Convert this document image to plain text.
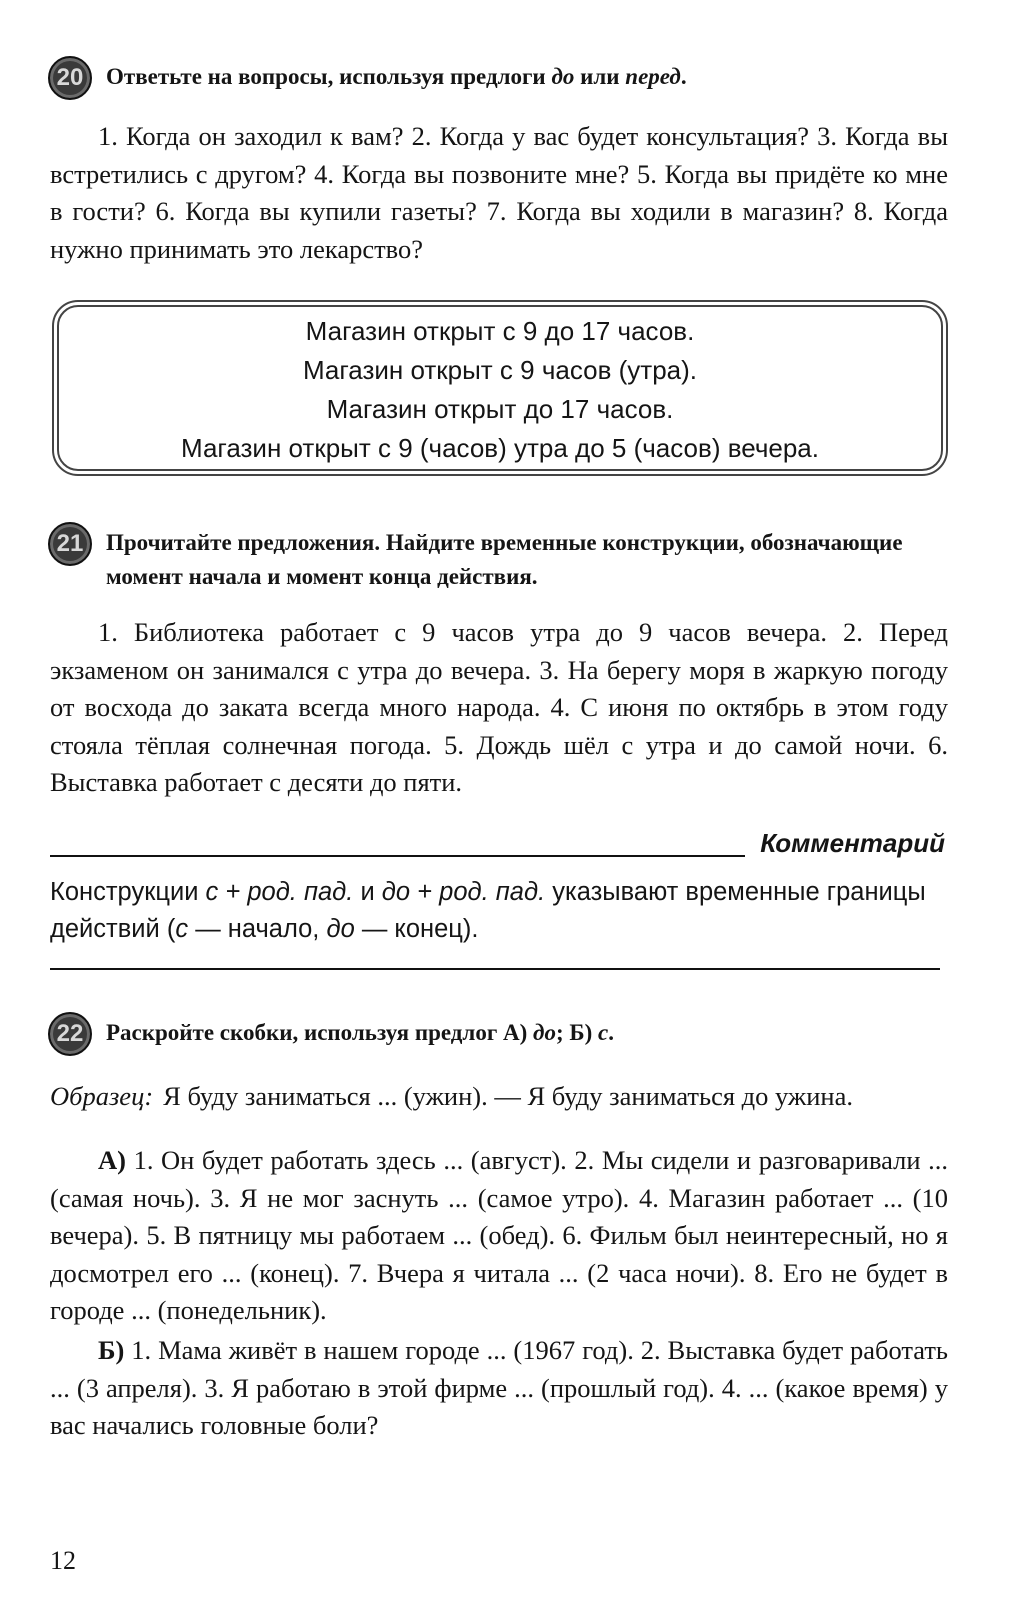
20 Ответьте на вопросы, используя предлоги до или перед.
1. Когда он заходил к вам? 2. Когда у вас будет консультация? 3. Когда вы встретились с другом? 4. Когда вы позвоните мне? 5. Когда вы придёте ко мне в гости? 6. Когда вы купили газеты? 7. Когда вы ходили в магазин? 8. Когда нужно принимать это лекарство?
Магазин открыт с 9 до 17 часов.
Магазин открыт с 9 часов (утра).
Магазин открыт до 17 часов.
Магазин открыт с 9 (часов) утра до 5 (часов) вечера.
21 Прочитайте предложения. Найдите временные конструкции, обозначающие момент начала и момент конца действия.
1. Библиотека работает с 9 часов утра до 9 часов вечера. 2. Перед экзаменом он занимался с утра до вечера. 3. На берегу моря в жаркую погоду от восхода до заката всегда много народа. 4. С июня по октябрь в этом году стояла тёплая солнечная погода. 5. Дождь шёл с утра и до самой ночи. 6. Выставка работает с десяти до пяти.
Комментарий
Конструкции с + род. пад. и до + род. пад. указывают временные границы действий (с — начало, до — конец).
22 Раскройте скобки, используя предлог А) до; Б) с.
Образец: Я буду заниматься ... (ужин). — Я буду заниматься до ужина.
А) 1. Он будет работать здесь ... (август). 2. Мы сидели и разговаривали ... (самая ночь). 3. Я не мог заснуть ... (самое утро). 4. Магазин работает ... (10 вечера). 5. В пятницу мы работаем ... (обед). 6. Фильм был неинтересный, но я досмотрел его ... (конец). 7. Вчера я читала ... (2 часа ночи). 8. Его не будет в городе ... (понедельник).
Б) 1. Мама живёт в нашем городе ... (1967 год). 2. Выставка будет работать ... (3 апреля). 3. Я работаю в этой фирме ... (прошлый год). 4. ... (какое время) у вас начались головные боли?
12
